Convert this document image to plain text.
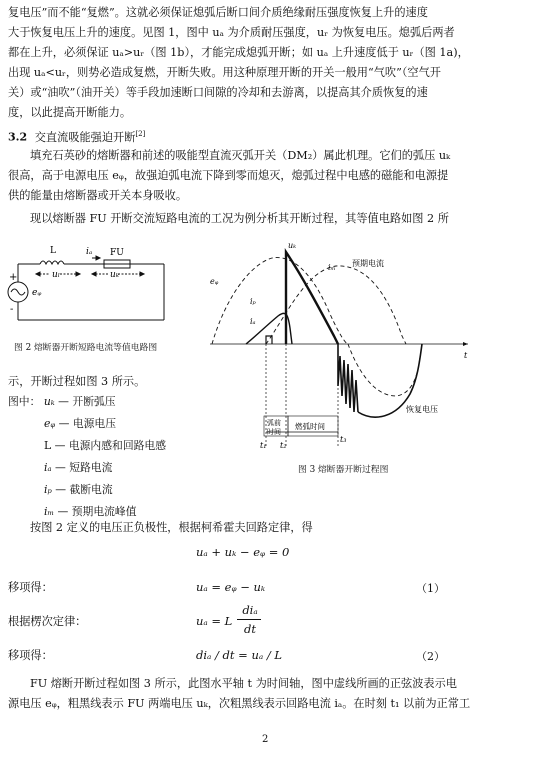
复电压”而不能“复燃”。这就必须保证熄弧后断口间介质绝缘耐压强度恢复上升的速度
大于恢复电压上升的速度。见图 1，图中 uₐ 为介质耐压强度，uᵣ 为恢复电压。熄弧后两者
都在上升，必须保证 uₐ>uᵣ（图 1b），才能完成熄弧开断；如 uₐ 上升速度低于 uᵣ（图 1a)，
出现 uₐ<uᵣ，则势必造成复燃，开断失败。用这种原理开断的开关一般用“气吹”（空气开
关）或“油吹”（油开关）等手段加速断口间隙的冷却和去游离，以提高其介质恢复的速
度，以此提高开断能力。
3.2 交直流吸能强迫开断[2]
填充石英砂的熔断器和前述的吸能型直流灭弧开关（DM₂）属此机理。它们的弧压 uₖ
很高，高于电源电压 eᵩ，故强迫弧电流下降到零而熄灭，熄弧过程中电感的磁能和电源提
供的能量由熔断器或开关本身吸收。
现以熔断器 FU 开断交流短路电流的工况为例分析其开断过程，其等值电路如图 2 所
L	iₐ FU
+
-
uₗ	uₖ
eᵩ
图 2 熔断器开断短路电流等值电路图
uₖ
iₘ 预期电流
eᵩ
iₚ
iₐ
t
恢复电压
弧前
时间
燃弧时间
t₁ t₂
t₃
图 3 熔断器开断过程图
示，开断过程如图 3 所示。
图中： uₖ — 开断弧压
eᵩ — 电源电压
L — 电源内感和回路电感
iₐ — 短路电流
iₚ — 截断电流
iₘ — 预期电流峰值
按图 2 定义的电压正负极性，根据柯希霍夫回路定律，得
uₐ + uₖ − eᵩ = 0
移项得：	uₐ = eᵩ − uₖ	（1）
根据楞次定律：	uₐ = L
diₐ
dt
移项得：	diₐ / dt = uₐ / L	（2）
FU 熔断开断过程如图 3 所示，此图水平轴 t 为时间轴，图中虚线所画的正弦波表示电
源电压 eᵩ，粗黑线表示 FU 两端电压 uₖ，次粗黑线表示回路电流 iₐ。在时刻 t₁ 以前为正常工
2
